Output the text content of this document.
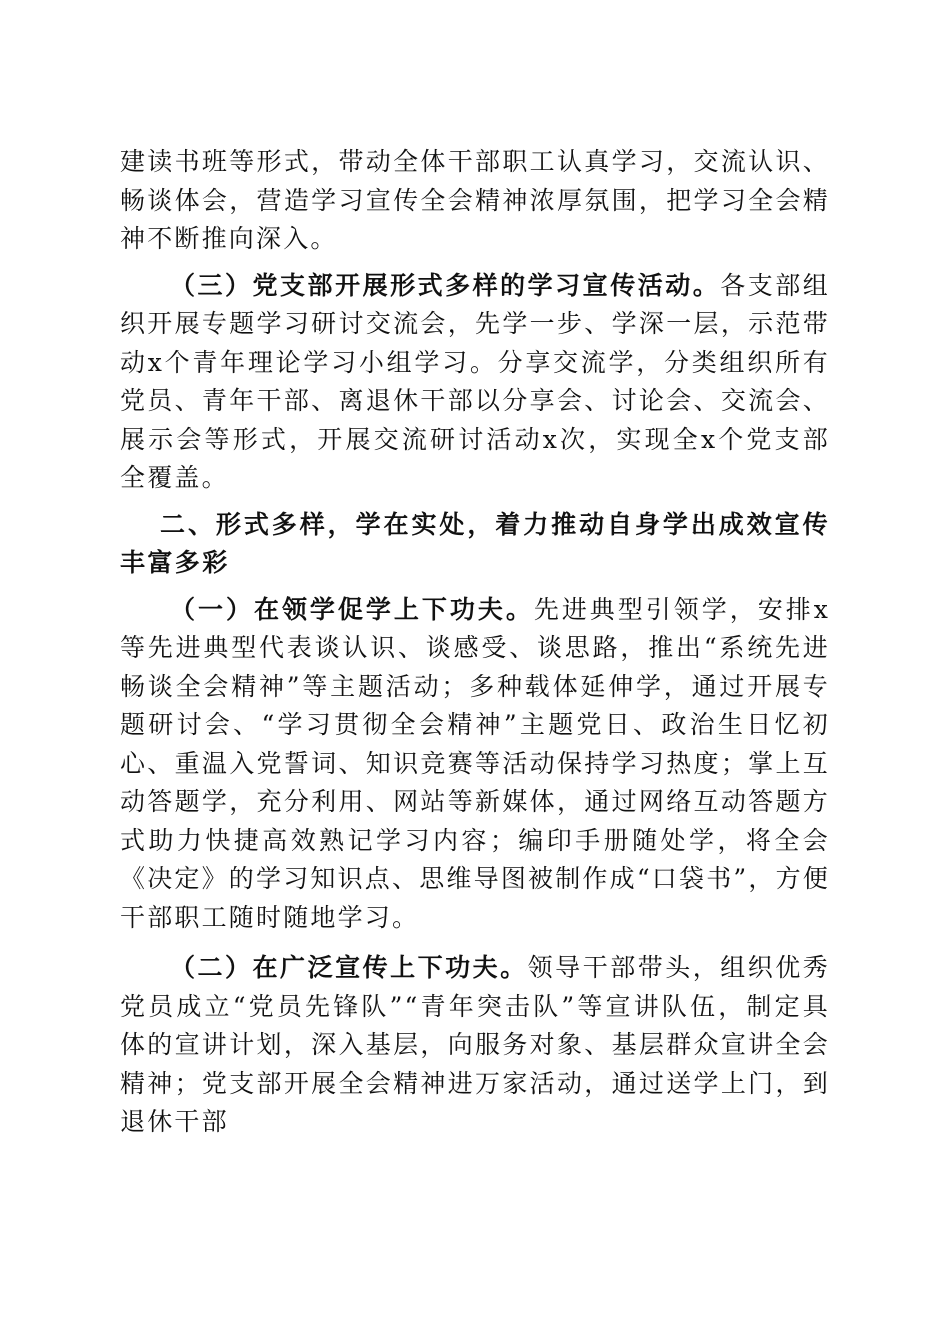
建读书班等形式，带动全体干部职工认真学习，交流认识、畅谈体会，营造学习宣传全会精神浓厚氛围，把学习全会精神不断推向深入。

（三）党支部开展形式多样的学习宣传活动。各支部组织开展专题学习研讨交流会，先学一步、学深一层，示范带动x个青年理论学习小组学习。分享交流学，分类组织所有党员、青年干部、离退休干部以分享会、讨论会、交流会、展示会等形式，开展交流研讨活动x次，实现全x个党支部全覆盖。

二、形式多样，学在实处，着力推动自身学出成效宣传丰富多彩

（一）在领学促学上下功夫。先进典型引领学，安排x等先进典型代表谈认识、谈感受、谈思路，推出“系统先进畅谈全会精神”等主题活动；多种载体延伸学，通过开展专题研讨会、“学习贯彻全会精神”主题党日、政治生日忆初心、重温入党誓词、知识竞赛等活动保持学习热度；掌上互动答题学，充分利用、网站等新媒体，通过网络互动答题方式助力快捷高效熟记学习内容；编印手册随处学，将全会《决定》的学习知识点、思维导图被制作成“口袋书”，方便干部职工随时随地学习。

（二）在广泛宣传上下功夫。领导干部带头，组织优秀党员成立“党员先锋队”“青年突击队”等宣讲队伍，制定具体的宣讲计划，深入基层，向服务对象、基层群众宣讲全会精神；党支部开展全会精神进万家活动，通过送学上门，到退休干部
